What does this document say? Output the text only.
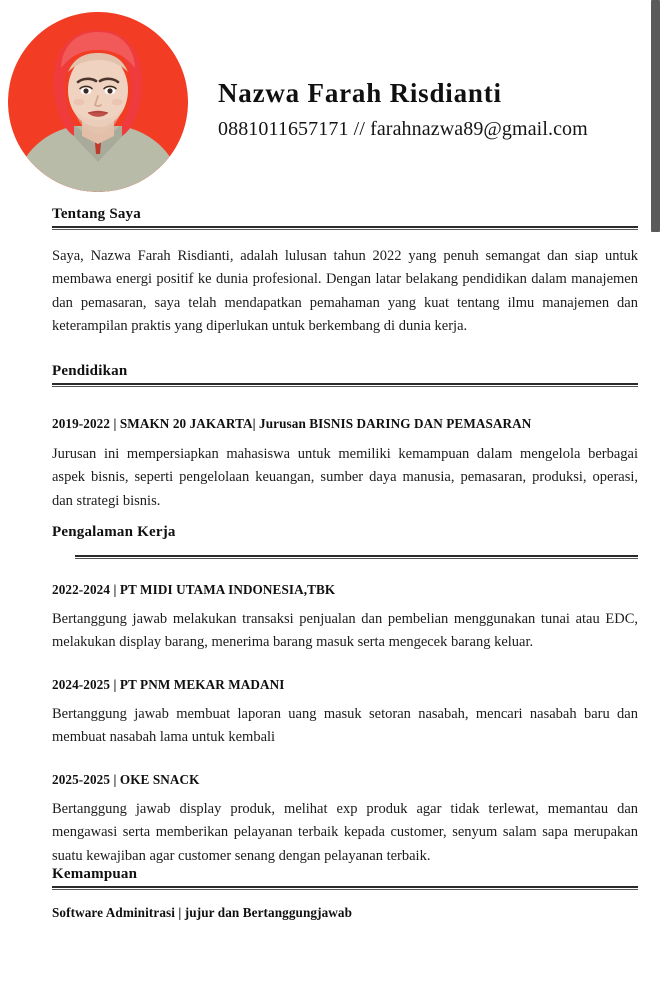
Nazwa Farah Risdianti
0881011657171 // farahnazwa89@gmail.com
Tentang Saya
Saya, Nazwa Farah Risdianti, adalah lulusan tahun 2022 yang penuh semangat dan siap untuk membawa energi positif ke dunia profesional. Dengan latar belakang pendidikan dalam manajemen dan pemasaran, saya telah mendapatkan pemahaman yang kuat tentang ilmu manajemen dan keterampilan praktis yang diperlukan untuk berkembang di dunia kerja.
Pendidikan
2019-2022 | SMAKN 20 JAKARTA| Jurusan BISNIS DARING DAN PEMASARAN
Jurusan ini mempersiapkan mahasiswa untuk memiliki kemampuan dalam mengelola berbagai aspek bisnis, seperti pengelolaan keuangan, sumber daya manusia, pemasaran, produksi, operasi, dan strategi bisnis.
Pengalaman Kerja
2022-2024 | PT MIDI UTAMA INDONESIA,TBK
Bertanggung jawab melakukan transaksi penjualan dan pembelian menggunakan tunai atau EDC, melakukan display barang, menerima barang masuk serta mengecek barang keluar.
2024-2025 | PT PNM MEKAR MADANI
Bertanggung jawab membuat laporan uang masuk setoran nasabah, mencari nasabah baru dan membuat nasabah lama untuk kembali
2025-2025 | OKE SNACK
Bertanggung jawab display produk, melihat exp produk agar tidak terlewat, memantau dan mengawasi serta memberikan pelayanan terbaik kepada customer, senyum salam sapa merupakan suatu kewajiban agar customer senang dengan pelayanan terbaik.
Kemampuan
Software Adminitrasi | jujur dan Bertanggungjawab
